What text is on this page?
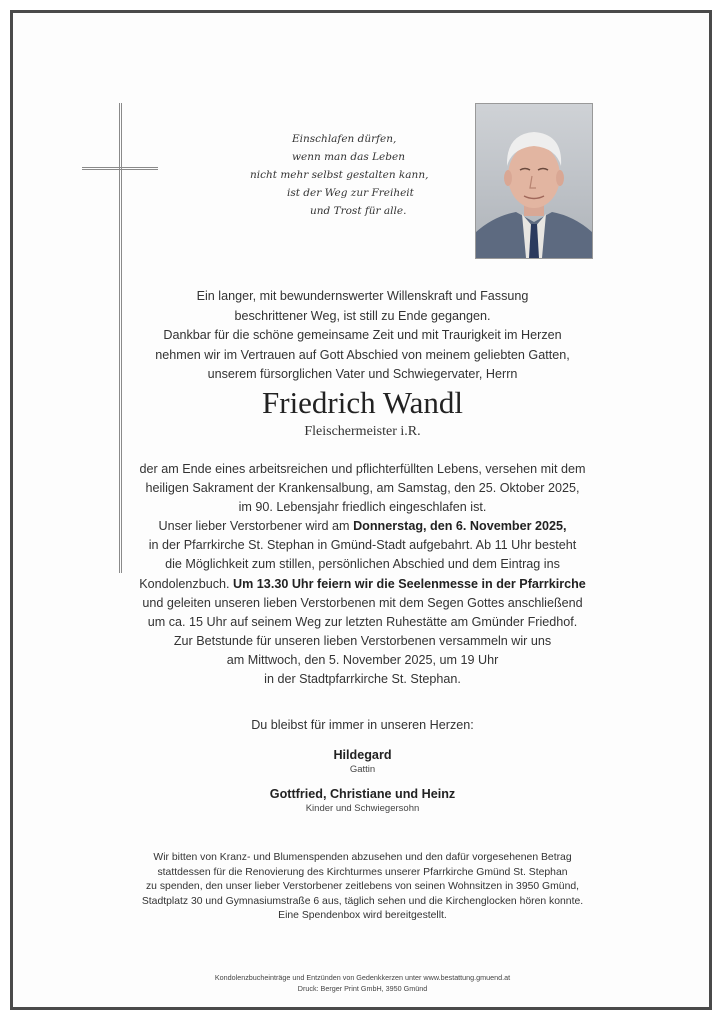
Einschlafen dürfen,
wenn man das Leben
nicht mehr selbst gestalten kann,
ist der Weg zur Freiheit
und Trost für alle.
Ein langer, mit bewundernswerter Willenskraft und Fassung
beschrittener Weg, ist still zu Ende gegangen.
Dankbar für die schöne gemeinsame Zeit und mit Traurigkeit im Herzen
nehmen wir im Vertrauen auf Gott Abschied von meinem geliebten Gatten,
unserem fürsorglichen Vater und Schwiegervater, Herrn
Friedrich Wandl
Fleischermeister i.R.
der am Ende eines arbeitsreichen und pflichterfüllten Lebens, versehen mit dem
heiligen Sakrament der Krankensalbung, am Samstag, den 25. Oktober 2025,
im 90. Lebensjahr friedlich eingeschlafen ist.
Unser lieber Verstorbener wird am Donnerstag, den 6. November 2025,
in der Pfarrkirche St. Stephan in Gmünd-Stadt aufgebahrt. Ab 11 Uhr besteht
die Möglichkeit zum stillen, persönlichen Abschied und dem Eintrag ins
Kondolenzbuch. Um 13.30 Uhr feiern wir die Seelenmesse in der Pfarrkirche
und geleiten unseren lieben Verstorbenen mit dem Segen Gottes anschließend
um ca. 15 Uhr auf seinem Weg zur letzten Ruhestätte am Gmünder Friedhof.
Zur Betstunde für unseren lieben Verstorbenen versammeln wir uns
am Mittwoch, den 5. November 2025, um 19 Uhr
in der Stadtpfarrkirche St. Stephan.
Du bleibst für immer in unseren Herzen:
Hildegard
Gattin
Gottfried, Christiane und Heinz
Kinder und Schwiegersohn
Wir bitten von Kranz- und Blumenspenden abzusehen und den dafür vorgesehenen Betrag
stattdessen für die Renovierung des Kirchturmes unserer Pfarrkirche Gmünd St. Stephan
zu spenden, den unser lieber Verstorbener zeitlebens von seinen Wohnsitzen in 3950 Gmünd,
Stadtplatz 30 und Gymnasiumstraße 6 aus, täglich sehen und die Kirchenglocken hören konnte.
Eine Spendenbox wird bereitgestellt.
Kondolenzbucheinträge und Entzünden von Gedenkkerzen unter www.bestattung.gmuend.at
Druck: Berger Print GmbH, 3950 Gmünd
